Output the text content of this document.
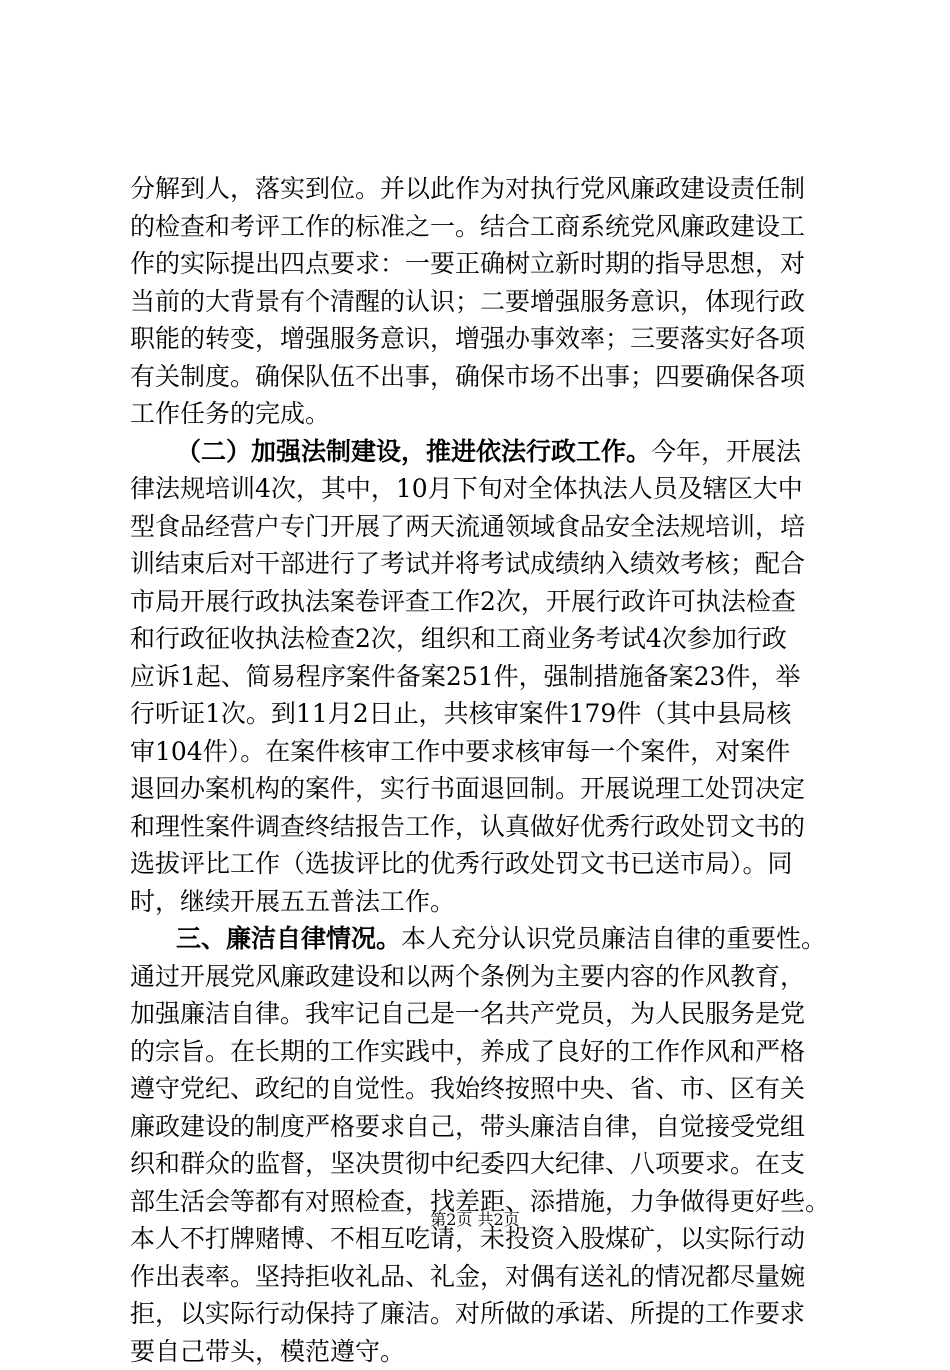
分解到人，落实到位。并以此作为对执行党风廉政建设责任制
的检查和考评工作的标准之一。结合工商系统党风廉政建设工
作的实际提出四点要求：一要正确树立新时期的指导思想，对
当前的大背景有个清醒的认识；二要增强服务意识，体现行政
职能的转变，增强服务意识，增强办事效率；三要落实好各项
有关制度。确保队伍不出事，确保市场不出事；四要确保各项
工作任务的完成。
（二）加强法制建设，推进依法行政工作。今年，开展法
律法规培训4次，其中，10月下旬对全体执法人员及辖区大中
型食品经营户专门开展了两天流通领域食品安全法规培训，培
训结束后对干部进行了考试并将考试成绩纳入绩效考核；配合
市局开展行政执法案卷评查工作2次，开展行政许可执法检查
和行政征收执法检查2次，组织和工商业务考试4次参加行政
应诉1起、简易程序案件备案251件，强制措施备案23件，举
行听证1次。到11月2日止，共核审案件179件（其中县局核
审104件）。在案件核审工作中要求核审每一个案件，对案件
退回办案机构的案件，实行书面退回制。开展说理工处罚决定
和理性案件调查终结报告工作，认真做好优秀行政处罚文书的
选拔评比工作（选拔评比的优秀行政处罚文书已送市局）。同
时，继续开展五五普法工作。
三、廉洁自律情况。本人充分认识党员廉洁自律的重要性。
通过开展党风廉政建设和以两个条例为主要内容的作风教育，
加强廉洁自律。我牢记自己是一名共产党员，为人民服务是党
的宗旨。在长期的工作实践中，养成了良好的工作作风和严格
遵守党纪、政纪的自觉性。我始终按照中央、省、市、区有关
廉政建设的制度严格要求自己，带头廉洁自律，自觉接受党组
织和群众的监督，坚决贯彻中纪委四大纪律、八项要求。在支
部生活会等都有对照检查，找差距、添措施，力争做得更好些。
本人不打牌赌博、不相互吃请，未投资入股煤矿，以实际行动
作出表率。坚持拒收礼品、礼金，对偶有送礼的情况都尽量婉
拒，以实际行动保持了廉洁。对所做的承诺、所提的工作要求
要自己带头，模范遵守。
第2页 共2页
